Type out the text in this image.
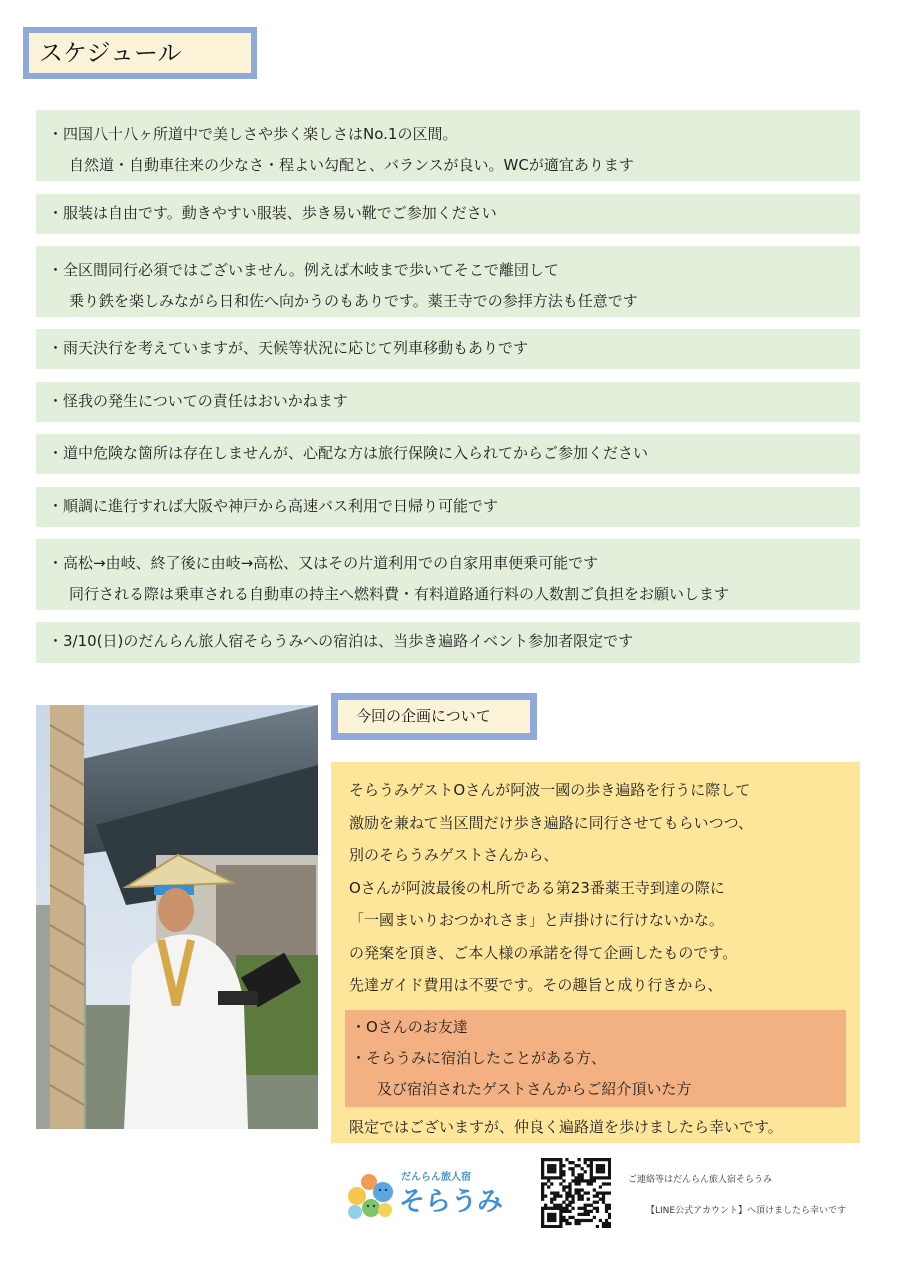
スケジュール
・四国八十八ヶ所道中で美しさや歩く楽しさはNo.1の区間。
自然道・自動車往来の少なさ・程よい勾配と、バランスが良い。WCが適宜あります
・服装は自由です。動きやすい服装、歩き易い靴でご参加ください
・全区間同行必須ではございません。例えば木岐まで歩いてそこで離団して
乗り鉄を楽しみながら日和佐へ向かうのもありです。薬王寺での参拝方法も任意です
・雨天決行を考えていますが、天候等状況に応じて列車移動もありです
・怪我の発生についての責任はおいかねます
・道中危険な箇所は存在しませんが、心配な方は旅行保険に入られてからご参加ください
・順調に進行すれば大阪や神戸から高速バス利用で日帰り可能です
・高松→由岐、終了後に由岐→高松、又はその片道利用での自家用車便乗可能です
同行される際は乗車される自動車の持主へ燃料費・有料道路通行料の人数割ご負担をお願いします
・3/10(日)のだんらん旅人宿そらうみへの宿泊は、当歩き遍路イベント参加者限定です
今回の企画について
そらうみゲストOさんが阿波一國の歩き遍路を行うに際して
激励を兼ねて当区間だけ歩き遍路に同行させてもらいつつ、
別のそらうみゲストさんから、
Oさんが阿波最後の札所である第23番薬王寺到達の際に
「一國まいりおつかれさま」と声掛けに行けないかな。
の発案を頂き、ご本人様の承諾を得て企画したものです。
先達ガイド費用は不要です。その趣旨と成り行きから、
・Oさんのお友達
・そらうみに宿泊したことがある方、
及び宿泊されたゲストさんからご紹介頂いた方
限定ではございますが、仲良く遍路道を歩けましたら幸いです。
だんらん旅人宿
そらうみ
ご連絡等はだんらん旅人宿そらうみ
【LINE公式アカウント】へ頂けましたら幸いです
